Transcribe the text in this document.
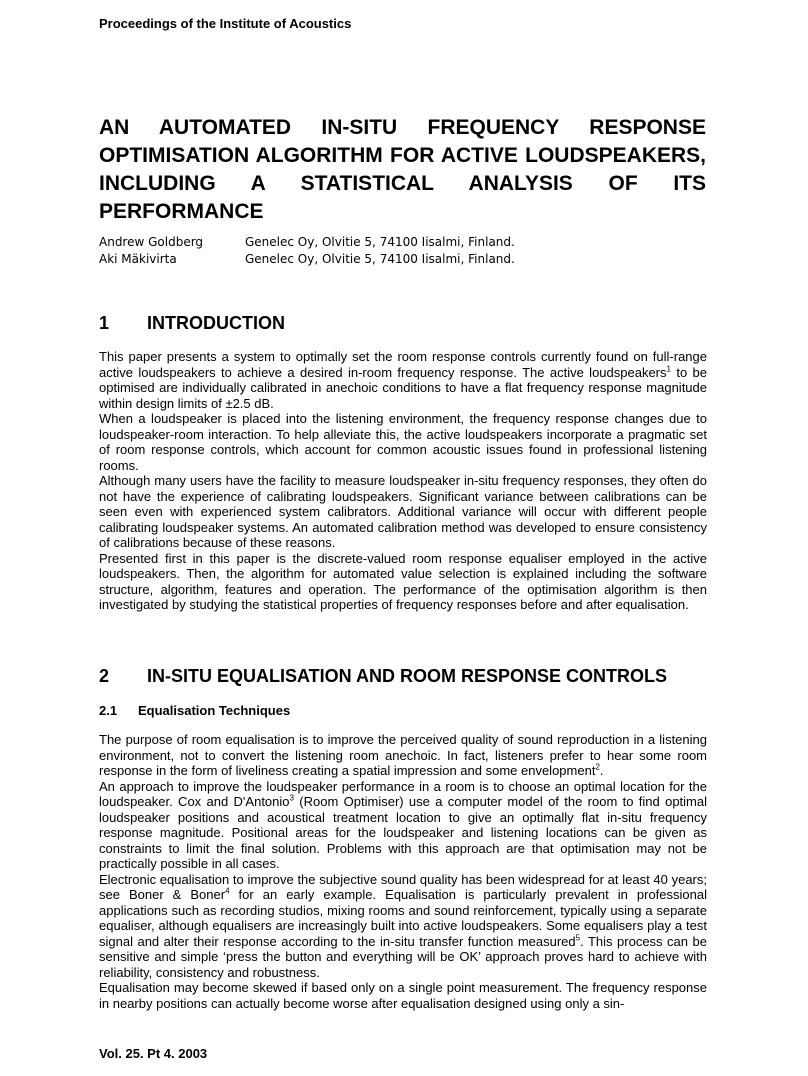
Proceedings of the Institute of Acoustics
AN AUTOMATED IN-SITU FREQUENCY RESPONSE OPTIMISATION ALGORITHM FOR ACTIVE LOUDSPEAKERS, INCLUDING A STATISTICAL ANALYSIS OF ITS PERFORMANCE
Andrew Goldberg	Genelec Oy, Olvitie 5, 74100 Iisalmi, Finland.
Aki Mäkivirta	Genelec Oy, Olvitie 5, 74100 Iisalmi, Finland.
1	INTRODUCTION

This paper presents a system to optimally set the room response controls currently found on full-range active loudspeakers to achieve a desired in-room frequency response. The active loudspeakers$^1$ to be optimised are individually calibrated in anechoic conditions to have a flat frequency response magnitude within design limits of ±2.5 dB.

When a loudspeaker is placed into the listening environment, the frequency response changes due to loudspeaker-room interaction. To help alleviate this, the active loudspeakers incorporate a pragmatic set of room response controls, which account for common acoustic issues found in professional listening rooms.

Although many users have the facility to measure loudspeaker in-situ frequency responses, they often do not have the experience of calibrating loudspeakers. Significant variance between calibrations can be seen even with experienced system calibrators. Additional variance will occur with different people calibrating loudspeaker systems. An automated calibration method was developed to ensure consistency of calibrations because of these reasons.

Presented first in this paper is the discrete-valued room response equaliser employed in the active loudspeakers. Then, the algorithm for automated value selection is explained including the software structure, algorithm, features and operation. The performance of the optimisation algorithm is then investigated by studying the statistical properties of frequency responses before and after equalisation.

2	IN-SITU EQUALISATION AND ROOM RESPONSE CONTROLS
2.1	Equalisation Techniques

The purpose of room equalisation is to improve the perceived quality of sound reproduction in a listening environment, not to convert the listening room anechoic. In fact, listeners prefer to hear some room response in the form of liveliness creating a spatial impression and some envelopment$^2$.

An approach to improve the loudspeaker performance in a room is to choose an optimal location for the loudspeaker. Cox and D'Antonio$^3$ (Room Optimiser) use a computer model of the room to find optimal loudspeaker positions and acoustical treatment location to give an optimally flat in-situ frequency response magnitude. Positional areas for the loudspeaker and listening locations can be given as constraints to limit the final solution. Problems with this approach are that optimisation may not be practically possible in all cases.

Electronic equalisation to improve the subjective sound quality has been widespread for at least 40 years; see Boner & Boner$^4$ for an early example. Equalisation is particularly prevalent in professional applications such as recording studios, mixing rooms and sound reinforcement, typically using a separate equaliser, although equalisers are increasingly built into active loudspeakers. Some equalisers play a test signal and alter their response according to the in-situ transfer function measured$^5$. This process can be sensitive and simple ‘press the button and everything will be OK’ approach proves hard to achieve with reliability, consistency and robustness.

Equalisation may become skewed if based only on a single point measurement. The frequency response in nearby positions can actually become worse after equalisation designed using only a sin-

Vol. 25. Pt 4. 2003
